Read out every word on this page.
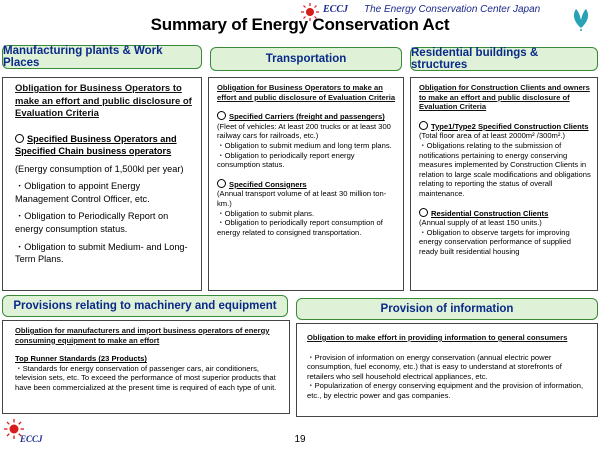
ECCJ The Energy Conservation Center Japan
Summary of Energy Conservation Act
Manufacturing plants & Work Places	Transportation	Residential buildings & structures

Obligation for Business Operators to make an effort and public disclosure of Evaluation Criteria

Specified Business Operators and Specified Chain business operators

(Energy consumption of 1,500kl per year)

・ Obligation to appoint Energy Management Control Officer, etc.

・ Obligation to Periodically Report on energy consumption status.

・ Obligation to submit Medium- and Long-Term Plans.

Obligation for Business Operators to make an effort and public disclosure of Evaluation Criteria

Specified Carriers (freight and passengers)

(Fleet of vehicles: At least 200 trucks or at least 300 railway cars for railroads, etc.)

・ Obligation to submit medium and long term plans.

・ Obligation to periodically report energy consumption status.

Specified Consigners

(Annual transport volume of at least 30 million ton-km.)

・ Obligation to submit plans.

・ Obligation to periodically report consumption of energy related to consigned transportation.

Obligation for Construction Clients and owners to make an effort and public disclosure of Evaluation Criteria

Type1/Type2 Specified Construction Clients

(Total floor area of at least 2000m² /300m².)

・ Obligations relating to the submission of notifications pertaining to energy conserving measures implemented by Construction Clients in relation to large scale modifications and obligations relating to reporting the status of overall maintenance.

Residential Construction Clients

(Annual supply of at least 150 units.)

・ Obligation to observe targets for improving energy conservation performance of supplied ready built residential housing

Provisions relating to machinery and equipment	Provision of information

Obligation for manufacturers and import business operators of energy consuming equipment to make an effort

Top Runner Standards (23 Products)

・ Standards for energy conservation of passenger cars, air conditioners, television sets, etc. To exceed the performance of most superior products that have been commercialized at the present time is required of each type of unit.

Obligation to make effort in providing information to general consumers

・ Provision of information on energy conservation (annual electric power consumption, fuel economy, etc.) that is easy to understand at storefronts of retailers who sell household electrical appliances, etc.

・ Popularization of energy conserving equipment and the provision of information, etc., by electric power and gas companies.

ECCJ	19
